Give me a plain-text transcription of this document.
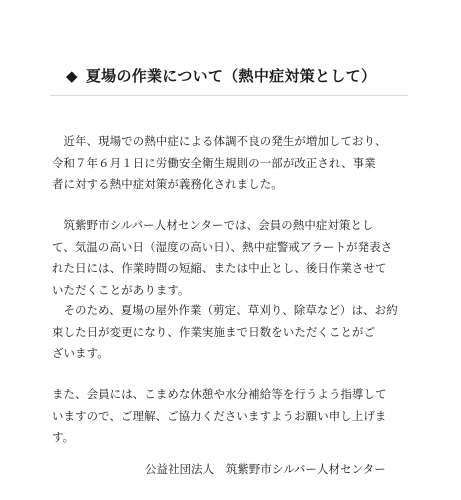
◆ 夏場の作業について（熱中症対策として）
　近年、現場での熱中症による体調不良の発生が増加しており、
令和７年６月１日に労働安全衛生規則の一部が改正され、事業
者に対する熱中症対策が義務化されました。
　筑紫野市シルバー人材センターでは、会員の熱中症対策とし
て、気温の高い日（湿度の高い日）、熱中症警戒アラートが発表さ
れた日には、作業時間の短縮、または中止とし、後日作業させて
いただくことがあります。
　そのため、夏場の屋外作業（剪定、草刈り、除草など）は、お約
束した日が変更になり、作業実施まで日数をいただくことがご
ざいます。
また、会員には、こまめな休憩や水分補給等を行うよう指導して
いますので、ご理解、ご協力くださいますようお願い申し上げま
す。
公益社団法人　筑紫野市シルバー人材センター
